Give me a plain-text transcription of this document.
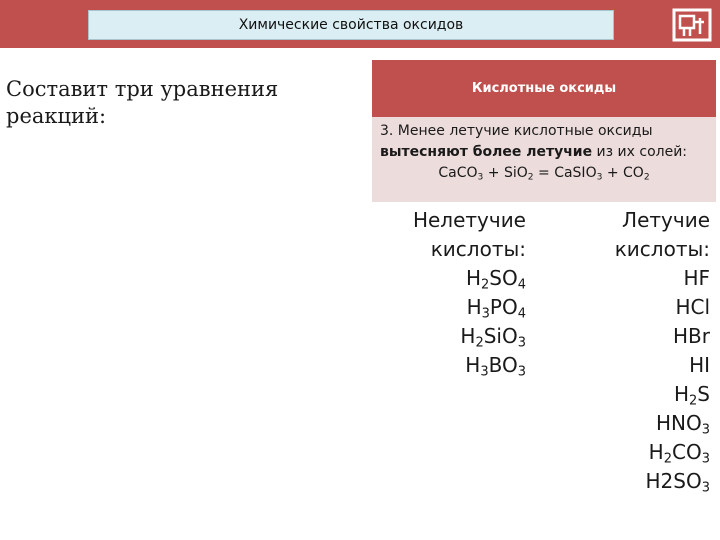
Химические свойства оксидов
Составит три уравнения реакций:
Кислотные оксиды
3. Менее летучие кислотные оксиды
вытесняют более летучие из их солей:
CaCO$_3$ + SiO$_2$ = CaSIO$_3$ + $CO_2$
Нелетучие
кислоты:
$H_2SO_4$
$H_3PO_4$
$H_2SiO_3$
$H_3BO_3$
Летучие
кислоты:
HF
HCl
HBr
HI
$H_2S$
$HNO_3$
$H_2CO_3$
$H2SO_3$
